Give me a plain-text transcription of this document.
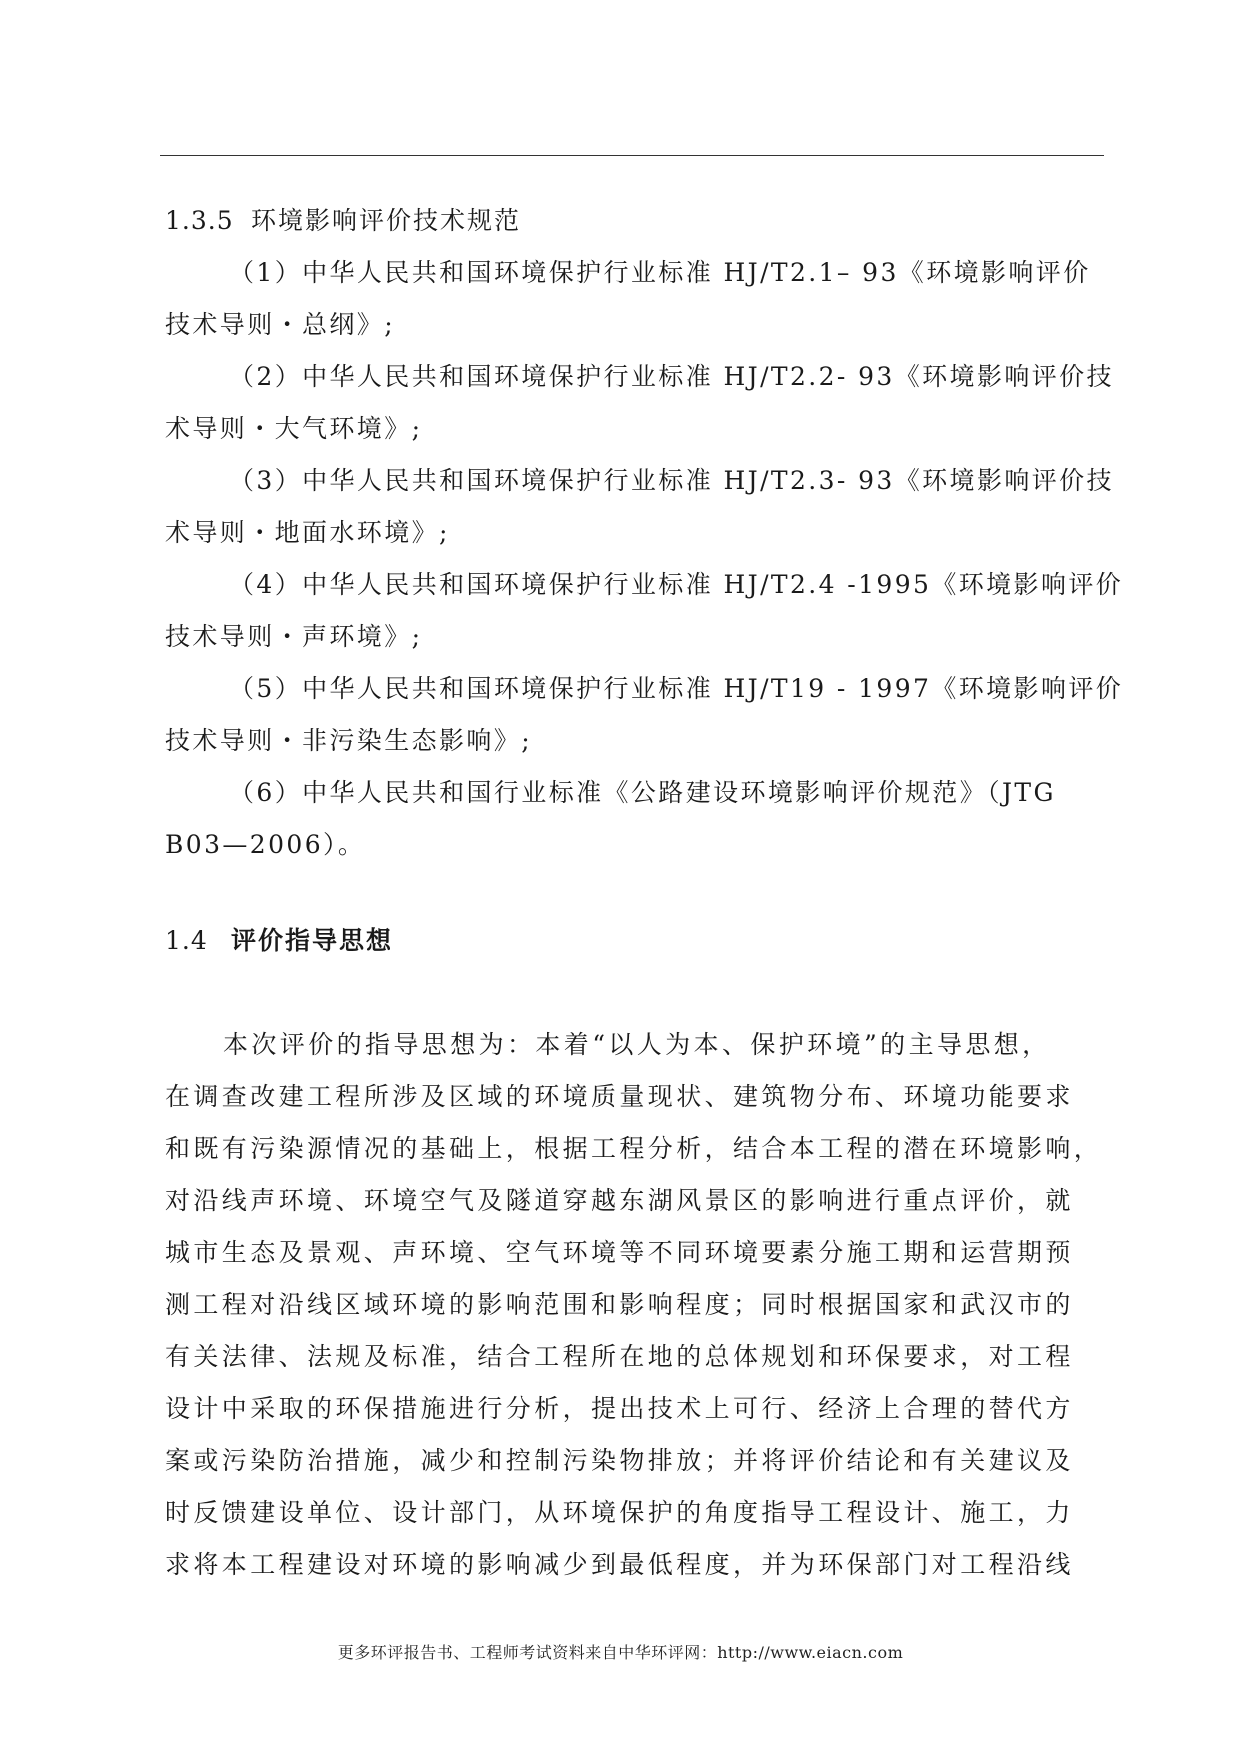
1.3.5 环境影响评价技术规范
（1）中华人民共和国环境保护行业标准 HJ/T2.1– 93《环境影响评价
技术导则・总纲》;
（2）中华人民共和国环境保护行业标准 HJ/T2.2- 93《环境影响评价技
术导则・大气环境》;
（3）中华人民共和国环境保护行业标准 HJ/T2.3- 93《环境影响评价技
术导则・地面水环境》;
（4）中华人民共和国环境保护行业标准 HJ/T2.4 -1995《环境影响评价
技术导则・声环境》;
（5）中华人民共和国环境保护行业标准 HJ/T19 - 1997《环境影响评价
技术导则・非污染生态影响》;
（6）中华人民共和国行业标准《公路建设环境影响评价规范》（JTG
B03—2006）。
1.4 评价指导思想
本次评价的指导思想为：本着“以人为本、保护环境”的主导思想，
在调查改建工程所涉及区域的环境质量现状、建筑物分布、环境功能要求
和既有污染源情况的基础上，根据工程分析，结合本工程的潜在环境影响，
对沿线声环境、环境空气及隧道穿越东湖风景区的影响进行重点评价，就
城市生态及景观、声环境、空气环境等不同环境要素分施工期和运营期预
测工程对沿线区域环境的影响范围和影响程度；同时根据国家和武汉市的
有关法律、法规及标准，结合工程所在地的总体规划和环保要求，对工程
设计中采取的环保措施进行分析，提出技术上可行、经济上合理的替代方
案或污染防治措施，减少和控制污染物排放；并将评价结论和有关建议及
时反馈建设单位、设计部门，从环境保护的角度指导工程设计、施工，力
求将本工程建设对环境的影响减少到最低程度，并为环保部门对工程沿线
更多环评报告书、工程师考试资料来自中华环评网：http://www.eiacn.com
